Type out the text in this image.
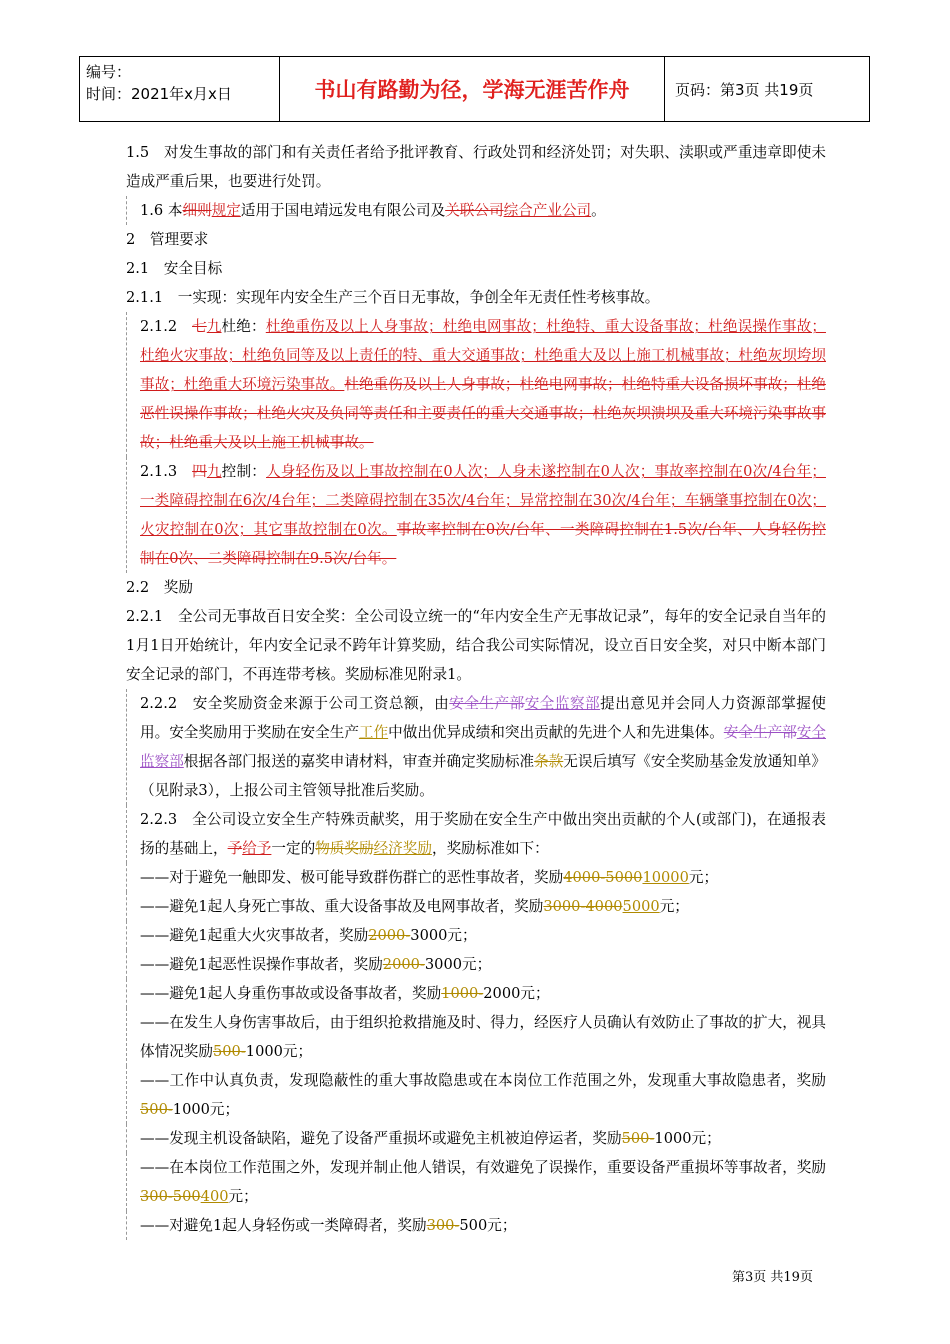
编号：
时间：2021年x月x日	书山有路勤为径，学海无涯苦作舟	页码：第3页 共19页

1.5　对发生事故的部门和有关责任者给予批评教育、行政处罚和经济处罚；对失职、渎职或严重违章即使未造成严重后果，也要进行处罚。

1.6 本细则规定适用于国电靖远发电有限公司及关联公司综合产业公司。

2　管理要求

2.1　安全目标

2.1.1　一实现：实现年内安全生产三个百日无事故，争创全年无责任性考核事故。

2.1.2　七九杜绝：杜绝重伤及以上人身事故；杜绝电网事故；杜绝特、重大设备事故；杜绝误操作事故；杜绝火灾事故；杜绝负同等及以上责任的特、重大交通事故；杜绝重大及以上施工机械事故；杜绝灰坝垮坝事故；杜绝重大环境污染事故。杜绝重伤及以上人身事故；杜绝电网事故；杜绝特重大设备损坏事故；杜绝恶性误操作事故；杜绝火灾及负同等责任和主要责任的重大交通事故；杜绝灰坝溃坝及重大环境污染事故事故；杜绝重大及以上施工机械事故。

2.1.3　四九控制：人身轻伤及以上事故控制在0人次；人身未遂控制在0人次；事故率控制在0次/4台年；一类障碍控制在6次/4台年；二类障碍控制在35次/4台年；异常控制在30次/4台年；车辆肇事控制在0次；火灾控制在0次；其它事故控制在0次。事故率控制在0次/台年、一类障碍控制在1.5次/台年、人身轻伤控制在0次、二类障碍控制在9.5次/台年。

2.2　奖励

2.2.1　全公司无事故百日安全奖：全公司设立统一的“年内安全生产无事故记录”，每年的安全记录自当年的1月1日开始统计，年内安全记录不跨年计算奖励，结合我公司实际情况，设立百日安全奖，对只中断本部门安全记录的部门，不再连带考核。奖励标准见附录1。

2.2.2　安全奖励资金来源于公司工资总额，由安全生产部安全监察部提出意见并会同人力资源部掌握使用。安全奖励用于奖励在安全生产工作中做出优异成绩和突出贡献的先进个人和先进集体。安全生产部安全监察部根据各部门报送的嘉奖申请材料，审查并确定奖励标准条款无误后填写《安全奖励基金发放通知单》（见附录3），上报公司主管领导批准后奖励。

2.2.3　全公司设立安全生产特殊贡献奖，用于奖励在安全生产中做出突出贡献的个人(或部门)，在通报表扬的基础上，予给予一定的物质奖励经济奖励，奖励标准如下：

——对于避免一触即发、极可能导致群伤群亡的恶性事故者，奖励4000-500010000元；

——避免1起人身死亡事故、重大设备事故及电网事故者，奖励3000-40005000元；

——避免1起重大火灾事故者，奖励2000-3000元；

——避免1起恶性误操作事故者，奖励2000-3000元；

——避免1起人身重伤事故或设备事故者，奖励1000-2000元；

——在发生人身伤害事故后，由于组织抢救措施及时、得力，经医疗人员确认有效防止了事故的扩大，视具体情况奖励500-1000元；

——工作中认真负责，发现隐蔽性的重大事故隐患或在本岗位工作范围之外，发现重大事故隐患者，奖励500-1000元；

——发现主机设备缺陷，避免了设备严重损坏或避免主机被迫停运者，奖励500-1000元；

——在本岗位工作范围之外，发现并制止他人错误，有效避免了误操作，重要设备严重损坏等事故者，奖励300-500400元；

——对避免1起人身轻伤或一类障碍者，奖励300-500元；

第3页 共19页
